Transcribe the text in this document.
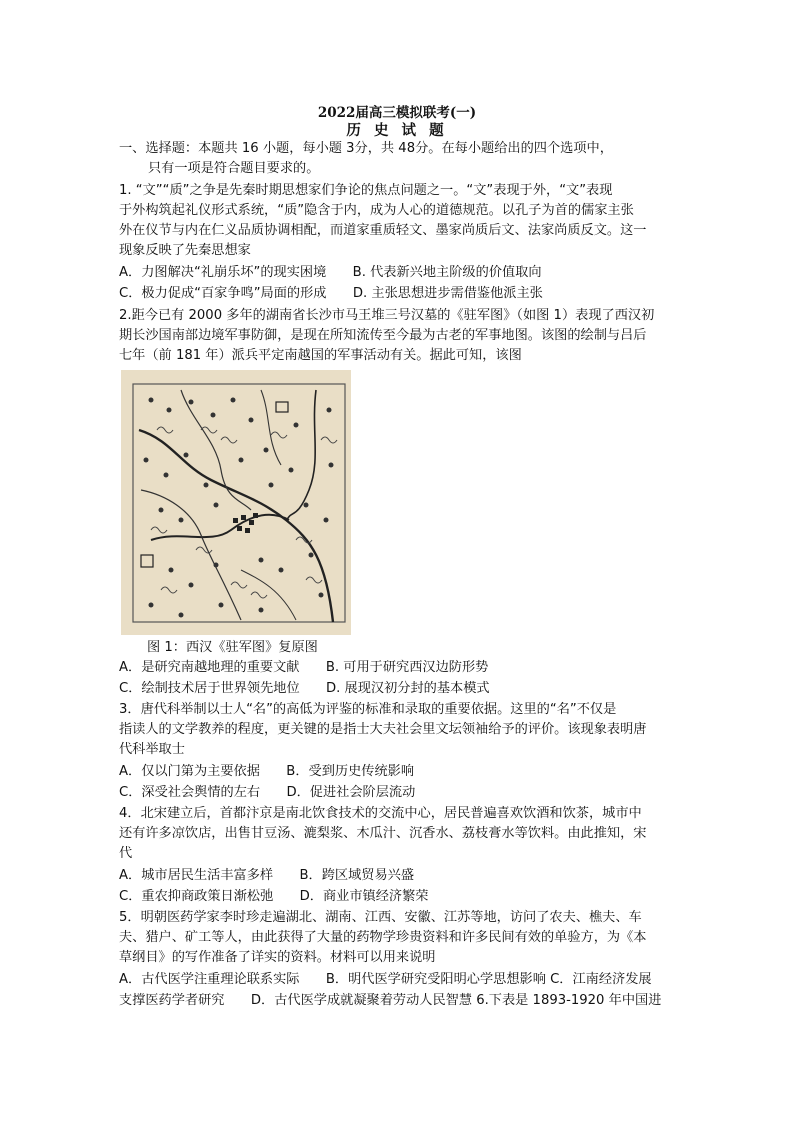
2022届高三模拟联考(一)
历 史 试 题
一、选择题：本题共 16 小题，每小题 3分，共 48分。在每小题给出的四个选项中，
只有一项是符合题目要求的。
1. “文”“质”之争是先秦时期思想家们争论的焦点问题之一。“文”表现于外，“文”表现
于外构筑起礼仪形式系统，“质”隐含于内，成为人心的道德规范。以孔子为首的儒家主张
外在仪节与内在仁义品质协调相配，而道家重质轻文、墨家尚质后文、法家尚质反文。这一
现象反映了先秦思想家
A．力图解决“礼崩乐坏”的现实困境　　B. 代表新兴地主阶级的价值取向
C．极力促成“百家争鸣”局面的形成　　D. 主张思想进步需借鉴他派主张
2.距今已有 2000 多年的湖南省长沙市马王堆三号汉墓的《驻军图》（如图 1）表现了西汉初
期长沙国南部边境军事防御，是现在所知流传至今最为古老的军事地图。该图的绘制与吕后
七年（前 181 年）派兵平定南越国的军事活动有关。据此可知，该图
图 1：西汉《驻军图》复原图
A．是研究南越地理的重要文献　　B. 可用于研究西汉边防形势
C．绘制技术居于世界领先地位　　D. 展现汉初分封的基本模式
3．唐代科举制以士人“名”的高低为评鉴的标准和录取的重要依据。这里的“名”不仅是
指读人的文学教养的程度，更关键的是指士大夫社会里文坛领袖给予的评价。该现象表明唐
代科举取士
A．仅以门第为主要依据　　B．受到历史传统影响
C．深受社会舆情的左右　　D．促进社会阶层流动
4．北宋建立后，首都汴京是南北饮食技术的交流中心，居民普遍喜欢饮酒和饮茶，城市中
还有许多凉饮店，出售甘豆汤、漉梨浆、木瓜汁、沉香水、荔枝膏水等饮料。由此推知，宋
代
A．城市居民生活丰富多样　　B．跨区域贸易兴盛
C．重农抑商政策日渐松弛　　D．商业市镇经济繁荣
5．明朝医药学家李时珍走遍湖北、湖南、江西、安徽、江苏等地，访问了农夫、樵夫、车
夫、猎户、矿工等人，由此获得了大量的药物学珍贵资料和许多民间有效的单验方，为《本
草纲目》的写作准备了详实的资料。材料可以用来说明
A．古代医学注重理论联系实际　　B．明代医学研究受阳明心学思想影响 C．江南经济发展
支撑医药学者研究　　D．古代医学成就凝聚着劳动人民智慧 6.下表是 1893-1920 年中国进
